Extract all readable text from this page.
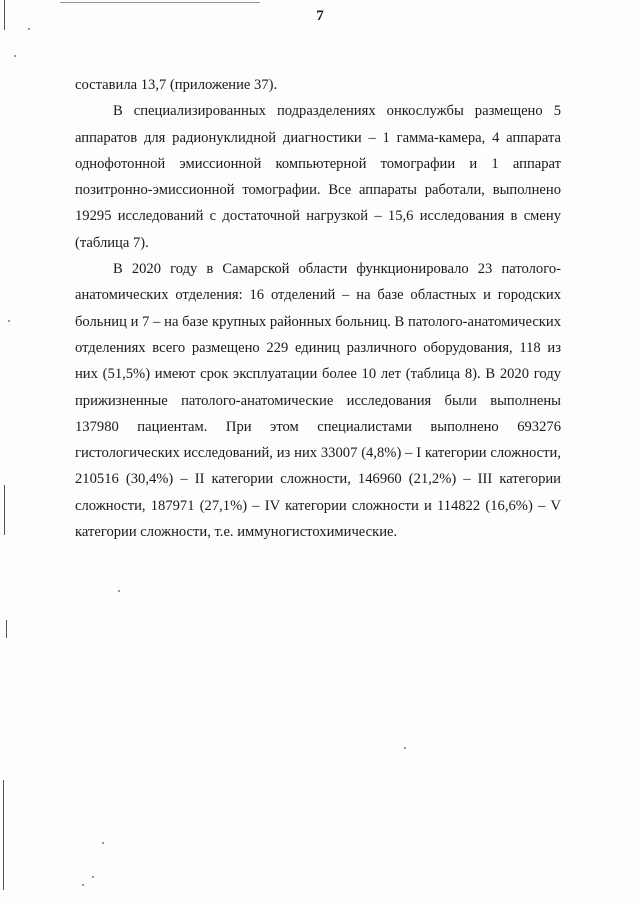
7

составила 13,7 (приложение 37).

В специализированных подразделениях онкослужбы размещено 5 аппаратов для радионуклидной диагностики – 1 гамма-камера, 4 аппарата однофотонной эмиссионной компьютерной томографии и 1 аппарат позитронно-эмиссионной томографии. Все аппараты работали, выполнено 19295 исследований с достаточной нагрузкой – 15,6 исследования в смену (таблица 7).

В 2020 году в Самарской области функционировало 23 патолого-анатомических отделения: 16 отделений – на базе областных и городских больниц и 7 – на базе крупных районных больниц. В патолого-анатомических отделениях всего размещено 229 единиц различного оборудования, 118 из них (51,5%) имеют срок эксплуатации более 10 лет (таблица 8). В 2020 году прижизненные патолого-анатомические исследования были выполнены 137980 пациентам. При этом специалистами выполнено 693276 гистологических исследований, из них 33007 (4,8%) – I категории сложности, 210516 (30,4%) – II категории сложности, 146960 (21,2%) – III категории сложности, 187971 (27,1%) – IV категории сложности и 114822 (16,6%) – V категории сложности, т.е. иммуногистохимические.
